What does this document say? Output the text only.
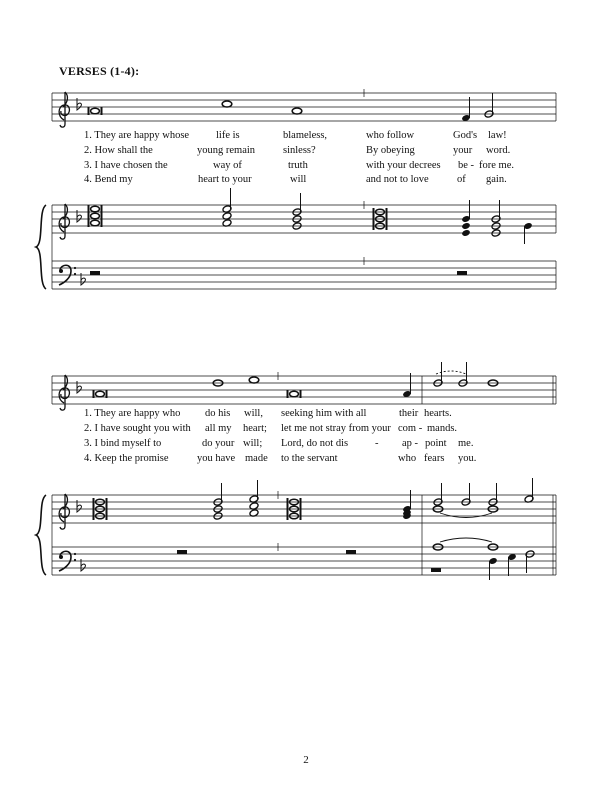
VERSES (1-4):
1. They are happy whose	life is	blameless,	who follow	God's law!
2. How shall the	young remain	sinless?	By obeying	your word.
3. I have chosen the	way of	truth	with your decrees be - fore me.
4. Bend my	heart to your	will	and not to love	of gain.
1. They are happy who do his will, seeking him with all	their hearts.
2. I have sought you with all my heart; let me not stray from your com - mands.
3. I bind myself to	do your will; Lord, do not dis	- ap - point me.
4. Keep the promise	you have made to the servant	who fears you.
2
